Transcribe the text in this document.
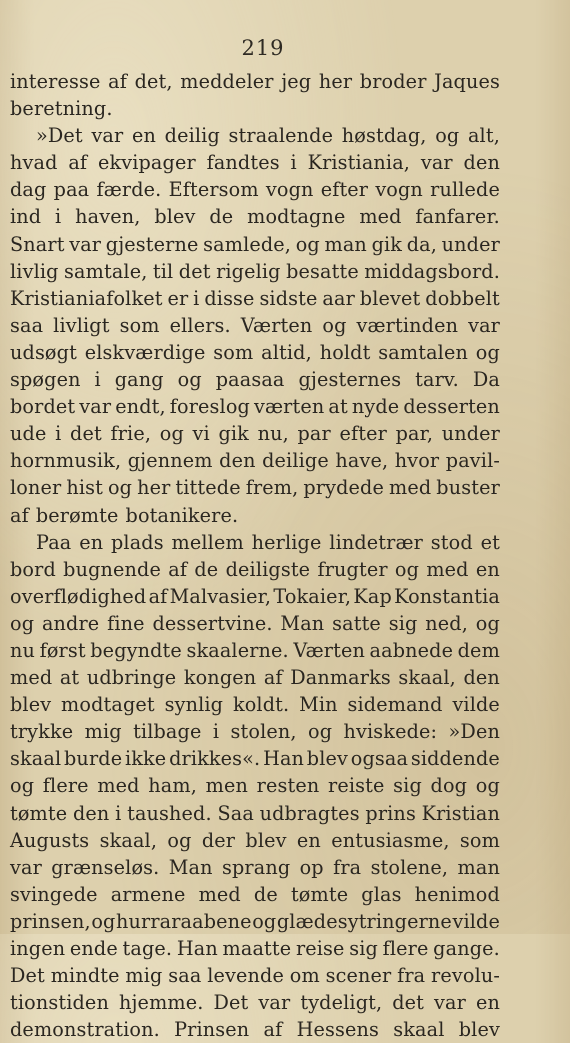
219
interesse af det, meddeler jeg her broder Jaques
beretning.
»Det var en deilig straalende høstdag, og alt,
hvad af ekvipager fandtes i Kristiania, var den
dag paa færde. Eftersom vogn efter vogn rullede
ind i haven, blev de modtagne med fanfarer.
Snart var gjesterne samlede, og man gik da, under
livlig samtale, til det rigelig besatte middagsbord.
Kristianiafolket er i disse sidste aar blevet dobbelt
saa livligt som ellers. Værten og værtinden var
udsøgt elskværdige som altid, holdt samtalen og
spøgen i gang og paasaa gjesternes tarv. Da
bordet var endt, foreslog værten at nyde desserten
ude i det frie, og vi gik nu, par efter par, under
hornmusik, gjennem den deilige have, hvor pavil-
loner hist og her tittede frem, prydede med buster
af berømte botanikere.
Paa en plads mellem herlige lindetrær stod et
bord bugnende af de deiligste frugter og med en
overflødighed af Malvasier, Tokaier, Kap Konstantia
og andre fine dessertvine. Man satte sig ned, og
nu først begyndte skaalerne. Værten aabnede dem
med at udbringe kongen af Danmarks skaal, den
blev modtaget synlig koldt. Min sidemand vilde
trykke mig tilbage i stolen, og hviskede: »Den
skaal burde ikke drikkes«. Han blev ogsaa siddende
og flere med ham, men resten reiste sig dog og
tømte den i taushed. Saa udbragtes prins Kristian
Augusts skaal, og der blev en entusiasme, som
var grænseløs. Man sprang op fra stolene, man
svingede armene med de tømte glas henimod
prinsen, og hurraraabene og glædesytringerne vilde
ingen ende tage. Han maatte reise sig flere gange.
Det mindte mig saa levende om scener fra revolu-
tionstiden hjemme. Det var tydeligt, det var en
demonstration. Prinsen af Hessens skaal blev
